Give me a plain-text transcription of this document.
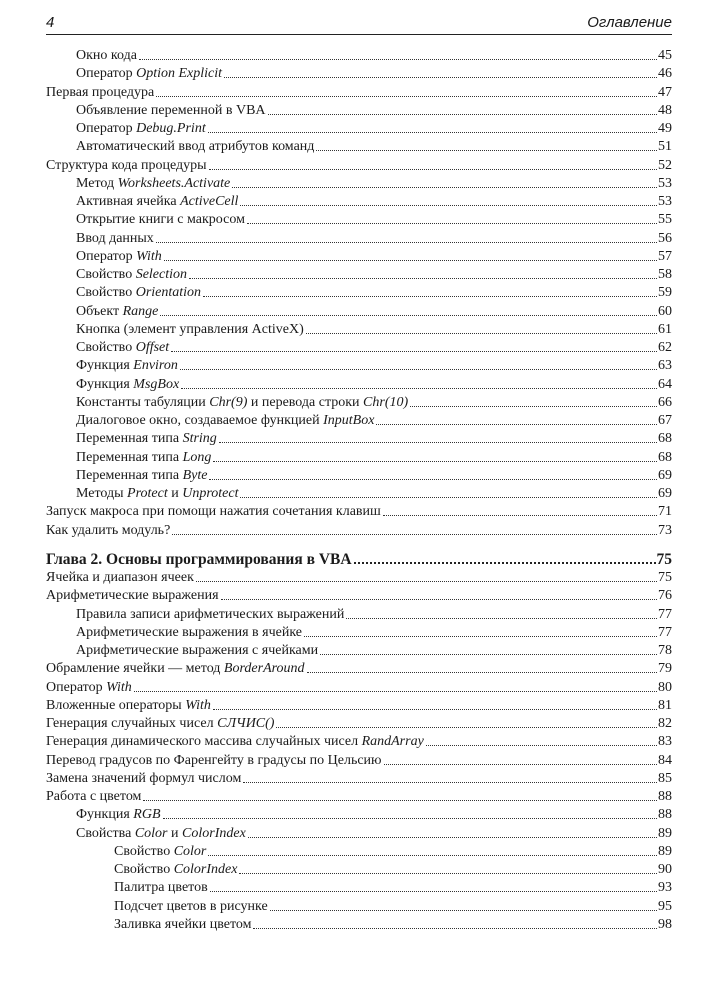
4	Оглавление
Окно кода	45
Оператор Option Explicit	46
Первая процедура	47
Объявление переменной в VBA	48
Оператор Debug.Print	49
Автоматический ввод атрибутов команд	51
Структура кода процедуры	52
Метод Worksheets.Activate	53
Активная ячейка ActiveCell	53
Открытие книги с макросом	55
Ввод данных	56
Оператор With	57
Свойство Selection	58
Свойство Orientation	59
Объект Range	60
Кнопка (элемент управления ActiveX)	61
Свойство Offset	62
Функция Environ	63
Функция MsgBox	64
Константы табуляции Chr(9) и перевода строки Chr(10)	66
Диалоговое окно, создаваемое функцией InputBox	67
Переменная типа String	68
Переменная типа Long	68
Переменная типа Byte	69
Методы Protect и Unprotect	69
Запуск макроса при помощи нажатия сочетания клавиш	71
Как удалить модуль?	73
Глава 2. Основы программирования в VBA	75
Ячейка и диапазон ячеек	75
Арифметические выражения	76
Правила записи арифметических выражений	77
Арифметические выражения в ячейке	77
Арифметические выражения с ячейками	78
Обрамление ячейки — метод BorderAround	79
Оператор With	80
Вложенные операторы With	81
Генерация случайных чисел СЛЧИС()	82
Генерация динамического массива случайных чисел RandArray	83
Перевод градусов по Фаренгейту в градусы по Цельсию	84
Замена значений формул числом	85
Работа с цветом	88
Функция RGB	88
Свойства Color и ColorIndex	89
Свойство Color	89
Свойство ColorIndex	90
Палитра цветов	93
Подсчет цветов в рисунке	95
Заливка ячейки цветом	98
